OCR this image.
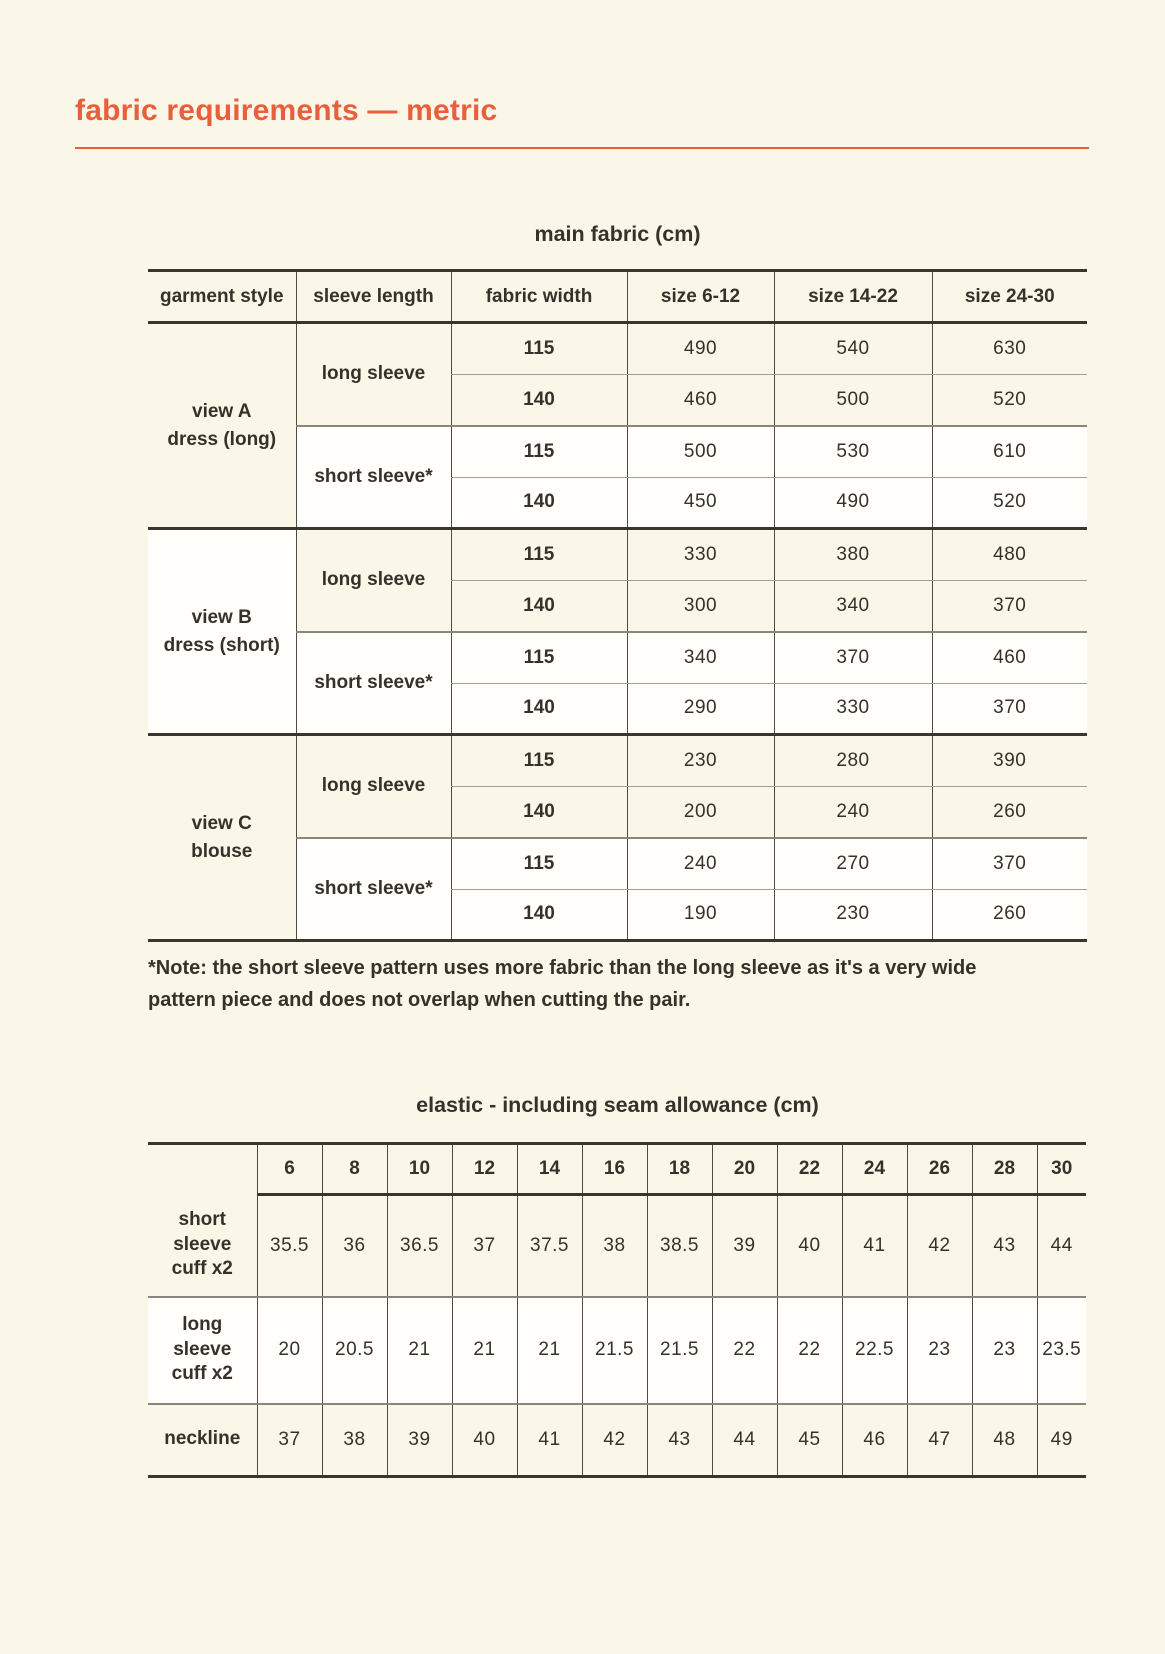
fabric requirements — metric
main fabric (cm)
garment style	sleeve length	fabric width	size 6-12	size 14-22	size 24-30

view A
dress (long)	long sleeve	115	490	540	630
		140	460	500	520
	short sleeve*	115	500	530	610
		140	450	490	520

view B
dress (short)	long sleeve	115	330	380	480
		140	300	340	370
	short sleeve*	115	340	370	460
		140	290	330	370

view C
blouse	long sleeve	115	230	280	390
		140	200	240	260
	short sleeve*	115	240	270	370
		140	190	230	260
*Note: the short sleeve pattern uses more fabric than the long sleeve as it's a very wide pattern piece and does not overlap when cutting the pair.
elastic - including seam allowance (cm)
	6	8	10	12	14	16	18	20	22	24	26	28	30
short sleeve cuff x2	35.5	36	36.5	37	37.5	38	38.5	39	40	41	42	43	44
long sleeve cuff x2	20	20.5	21	21	21	21.5	21.5	22	22	22.5	23	23	23.5
neckline	37	38	39	40	41	42	43	44	45	46	47	48	49
